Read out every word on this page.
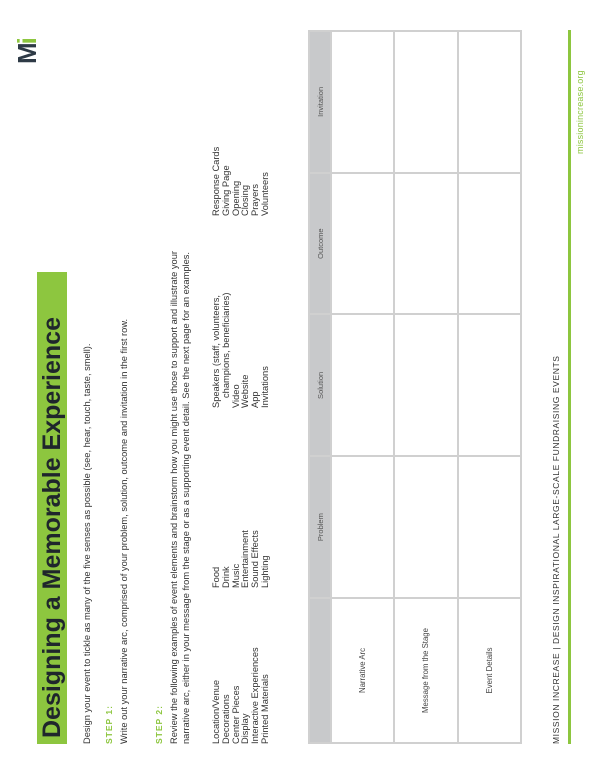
Mi
missionincrease.org
Designing a Memorable Experience Design your event to tickle as many of the five senses as possible (see, hear, touch, taste, smell). STEP 1: Write out your narrative arc, comprised of your problem, solution, outcome and invitation in the first row.	STEP 2: Review the following examples of event elements and brainstorm how you might use those to support and illustrate your narrative arc, either in your message from the stage or as a supporting event detail. See the next page for an examples. Location/Venue Decorations Center Pieces Display Interactive Experiences Printed Materials
Food Drink Music Entertainment Sound Effects Lighting
Speakers (staff, volunteers, champions, beneficiaries) Video Website App Invitations
Response Cards Giving Page Opening Closing Prayers Volunteers
	Problem	Solution	Outcome	Invitation
Narrative Arc				
Message from the Stage				
Event Details					MISSION INCREASE | DESIGN INSPIRATIONAL LARGE-SCALE FUNDRAISING EVENTS
